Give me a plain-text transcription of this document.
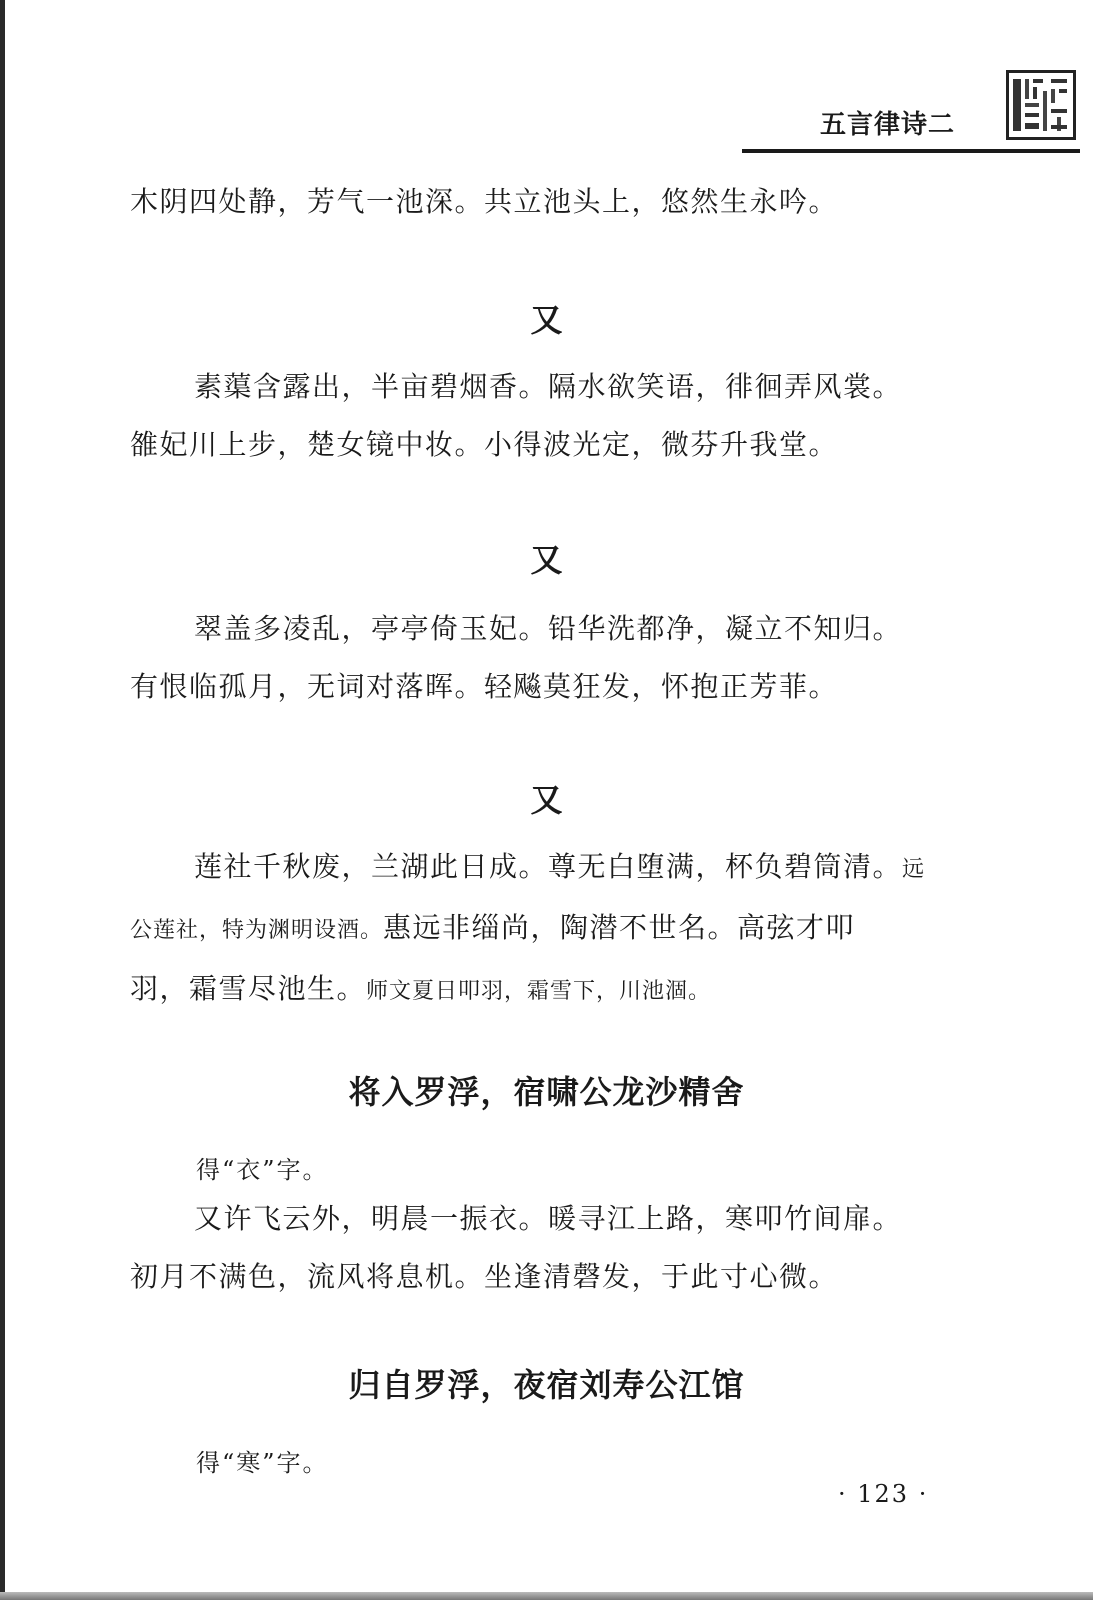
五言律诗二
木阴四处静，芳气一池深。共立池头上，悠然生永吟。
又
素蕖含露出，半亩碧烟香。隔水欲笑语，徘徊弄风裳。
雒妃川上步，楚女镜中妆。小得波光定，微芬升我堂。
又
翠盖多凌乱，亭亭倚玉妃。铅华洗都净，凝立不知归。
有恨临孤月，无词对落晖。轻飚莫狂发，怀抱正芳菲。
又
莲社千秋废，兰湖此日成。尊无白堕满，杯负碧筒清。远
公莲社，特为渊明设酒。惠远非缁尚，陶潜不世名。高弦才叩
羽，霜雪尽池生。师文夏日叩羽，霜雪下，川池涸。
将入罗浮，宿啸公龙沙精舍
得“衣”字。
又许飞云外，明晨一振衣。暖寻江上路，寒叩竹间扉。
初月不满色，流风将息机。坐逢清磬发，于此寸心微。
归自罗浮，夜宿刘寿公江馆
得“寒”字。
· 123 ·
